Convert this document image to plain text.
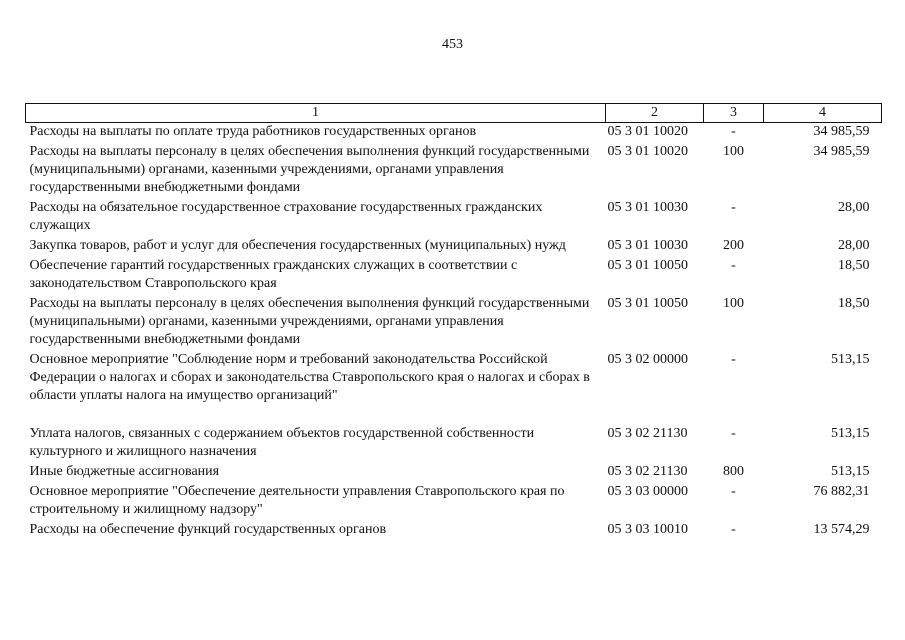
453
1	2	3	4
Расходы на выплаты по оплате труда работников государственных органов	05 3 01 10020	-	34 985,59
Расходы на выплаты персоналу в целях обеспечения выполнения функций государственными (муниципальными) органами, казенными учреждениями, органами управления государственными внебюджетными фондами	05 3 01 10020	100	34 985,59
Расходы на обязательное государственное страхование государственных гражданских служащих	05 3 01 10030	-	28,00
Закупка товаров, работ и услуг для обеспечения государственных (муниципальных) нужд	05 3 01 10030	200	28,00
Обеспечение гарантий государственных гражданских служащих в соответствии с законодательством Ставропольского края	05 3 01 10050	-	18,50
Расходы на выплаты персоналу в целях обеспечения выполнения функций государственными (муниципальными) органами, казенными учреждениями, органами управления государственными внебюджетными фондами	05 3 01 10050	100	18,50
Основное мероприятие "Соблюдение норм и требований законодательства Российской Федерации о налогах и сборах и законодательства Ставропольского края о налогах и сборах в области уплаты налога на имущество организаций"	05 3 02 00000	-	513,15
Уплата налогов, связанных с содержанием объектов государственной собственности культурного и жилищного назначения	05 3 02 21130	-	513,15
Иные бюджетные ассигнования	05 3 02 21130	800	513,15
Основное мероприятие "Обеспечение деятельности управления Ставропольского края по строительному и жилищному надзору"	05 3 03 00000	-	76 882,31
Расходы на обеспечение функций государственных органов	05 3 03 10010	-	13 574,29
